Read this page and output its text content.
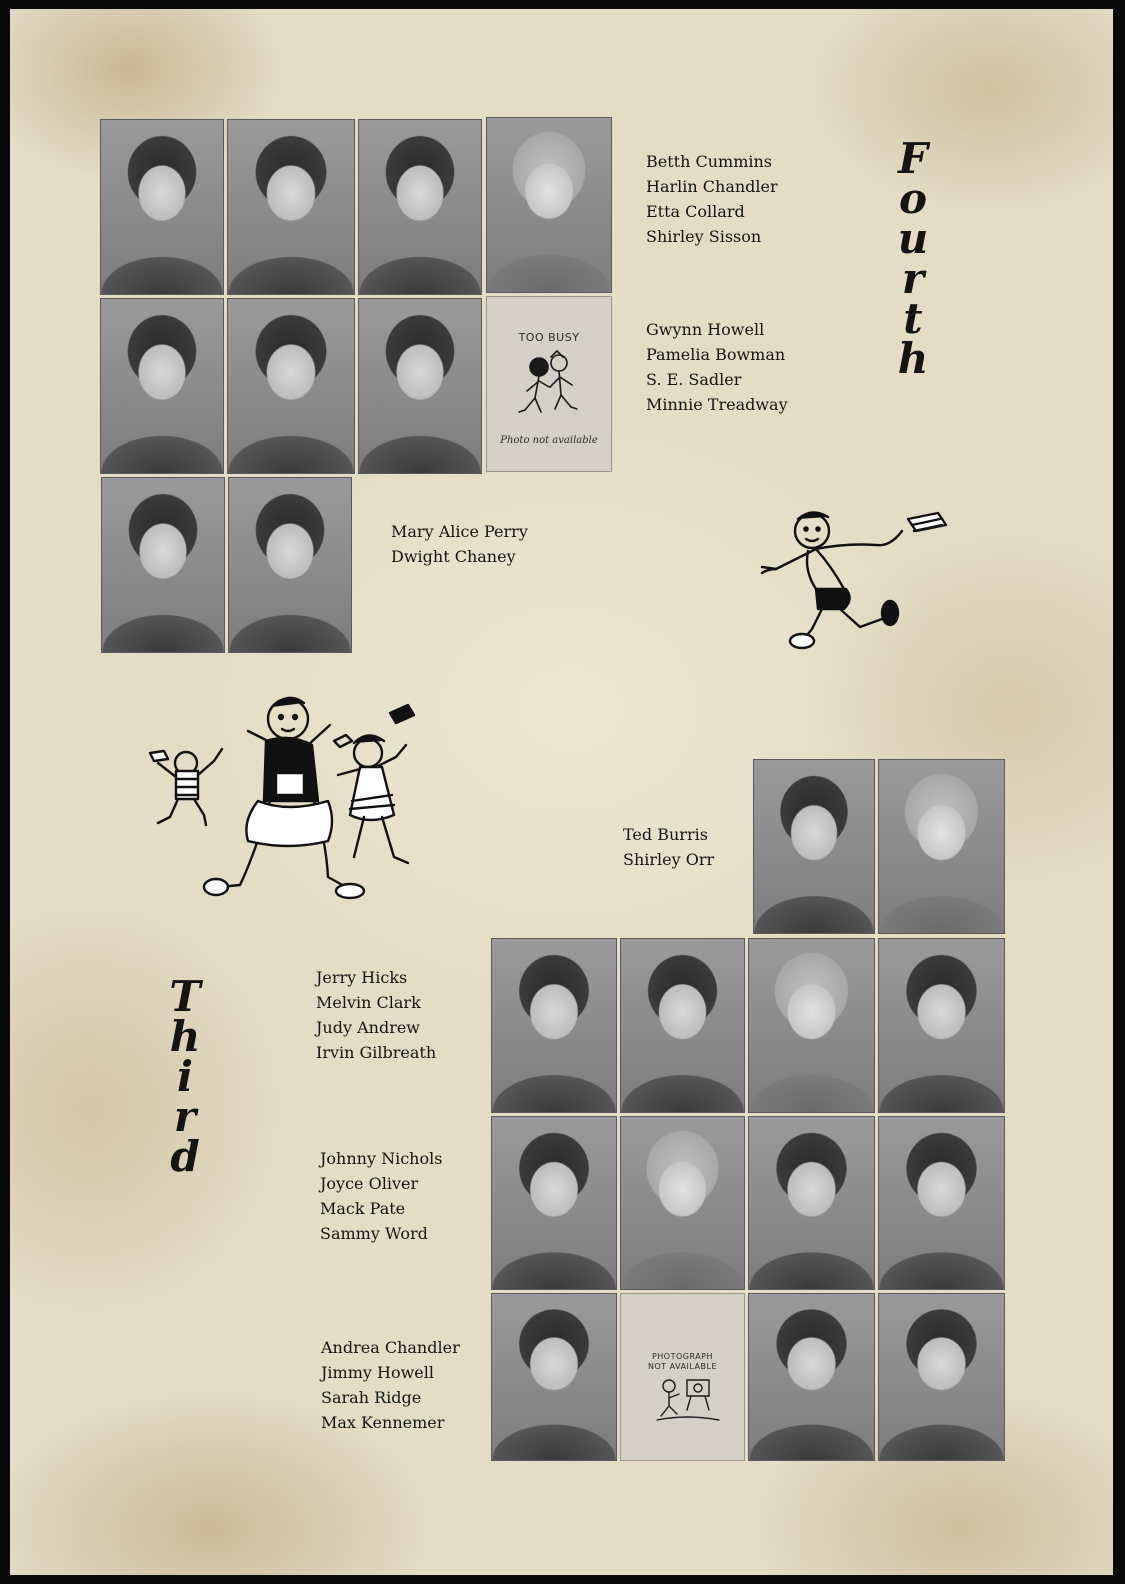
TOO BUSY
Photo not available
Betth Cummins
Harlin Chandler
Etta Collard
Shirley Sisson
Gwynn Howell
Pamelia Bowman
S. E. Sadler
Minnie Treadway
Mary Alice Perry
Dwight Chaney
F
o
u
r
t
h
PHOTOGRAPH
NOT AVAILABLE
Ted Burris
Shirley Orr
Jerry Hicks
Melvin Clark
Judy Andrew
Irvin Gilbreath
Johnny Nichols
Joyce Oliver
Mack Pate
Sammy Word
Andrea Chandler
Jimmy Howell
Sarah Ridge
Max Kennemer
T
h
i
r
d
